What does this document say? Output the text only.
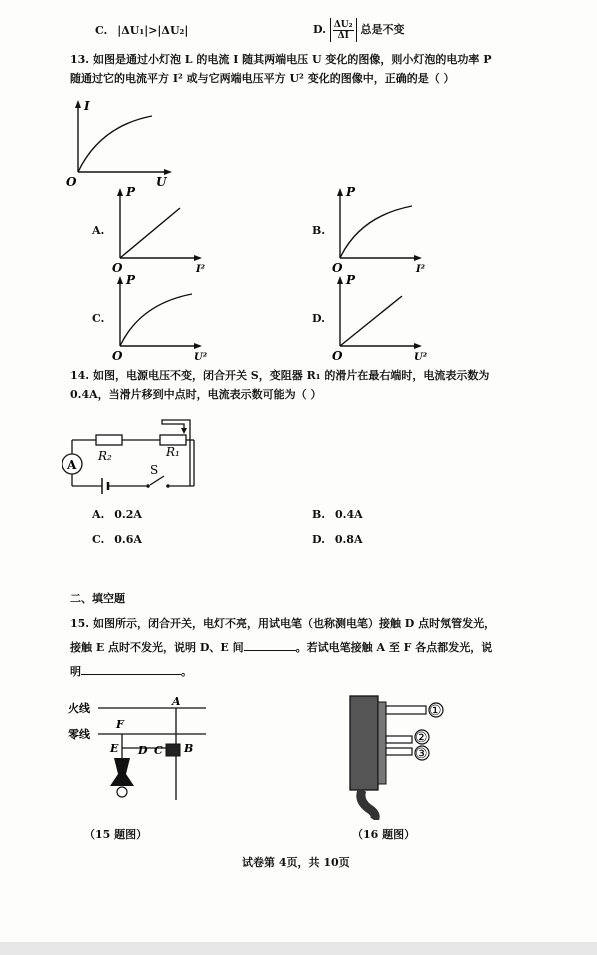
C. |ΔU₁|>|ΔU₂|	D. $\frac{\text{ΔU₂}}{\Delta I}$ 总是不变
13. 如图是通过小灯泡 L 的电流 I 随其两端电压 U 变化的图像，则小灯泡的电功率 P
随通过它的电流平方 I² 或与它两端电压平方 U² 变化的图像中，正确的是（ ）
I
U
O
A.
P
I²
O
B.
P
I²
O
C.
P
U²
O
D.
P
U²
O
14. 如图，电源电压不变，闭合开关 S，变阻器 R₁ 的滑片在最右端时，电流表示数为
0.4A，当滑片移到中点时，电流表示数可能为（ ）
A
R₂	R₁
S
A. 0.2A	B. 0.4A
C. 0.6A	D. 0.8A
二、填空题
15. 如图所示，闭合开关，电灯不亮，用试电笔（也称测电笔）接触 D 点时氖管发光，
接触 E 点时不发光，说明 D、E 间	。若试电笔接触 A 至 F 各点都发光，说
明	。
火线
零线
A
F
E D C B
（15 题图）
①
②
③
（16 题图）
试卷第 4页，共 10页
